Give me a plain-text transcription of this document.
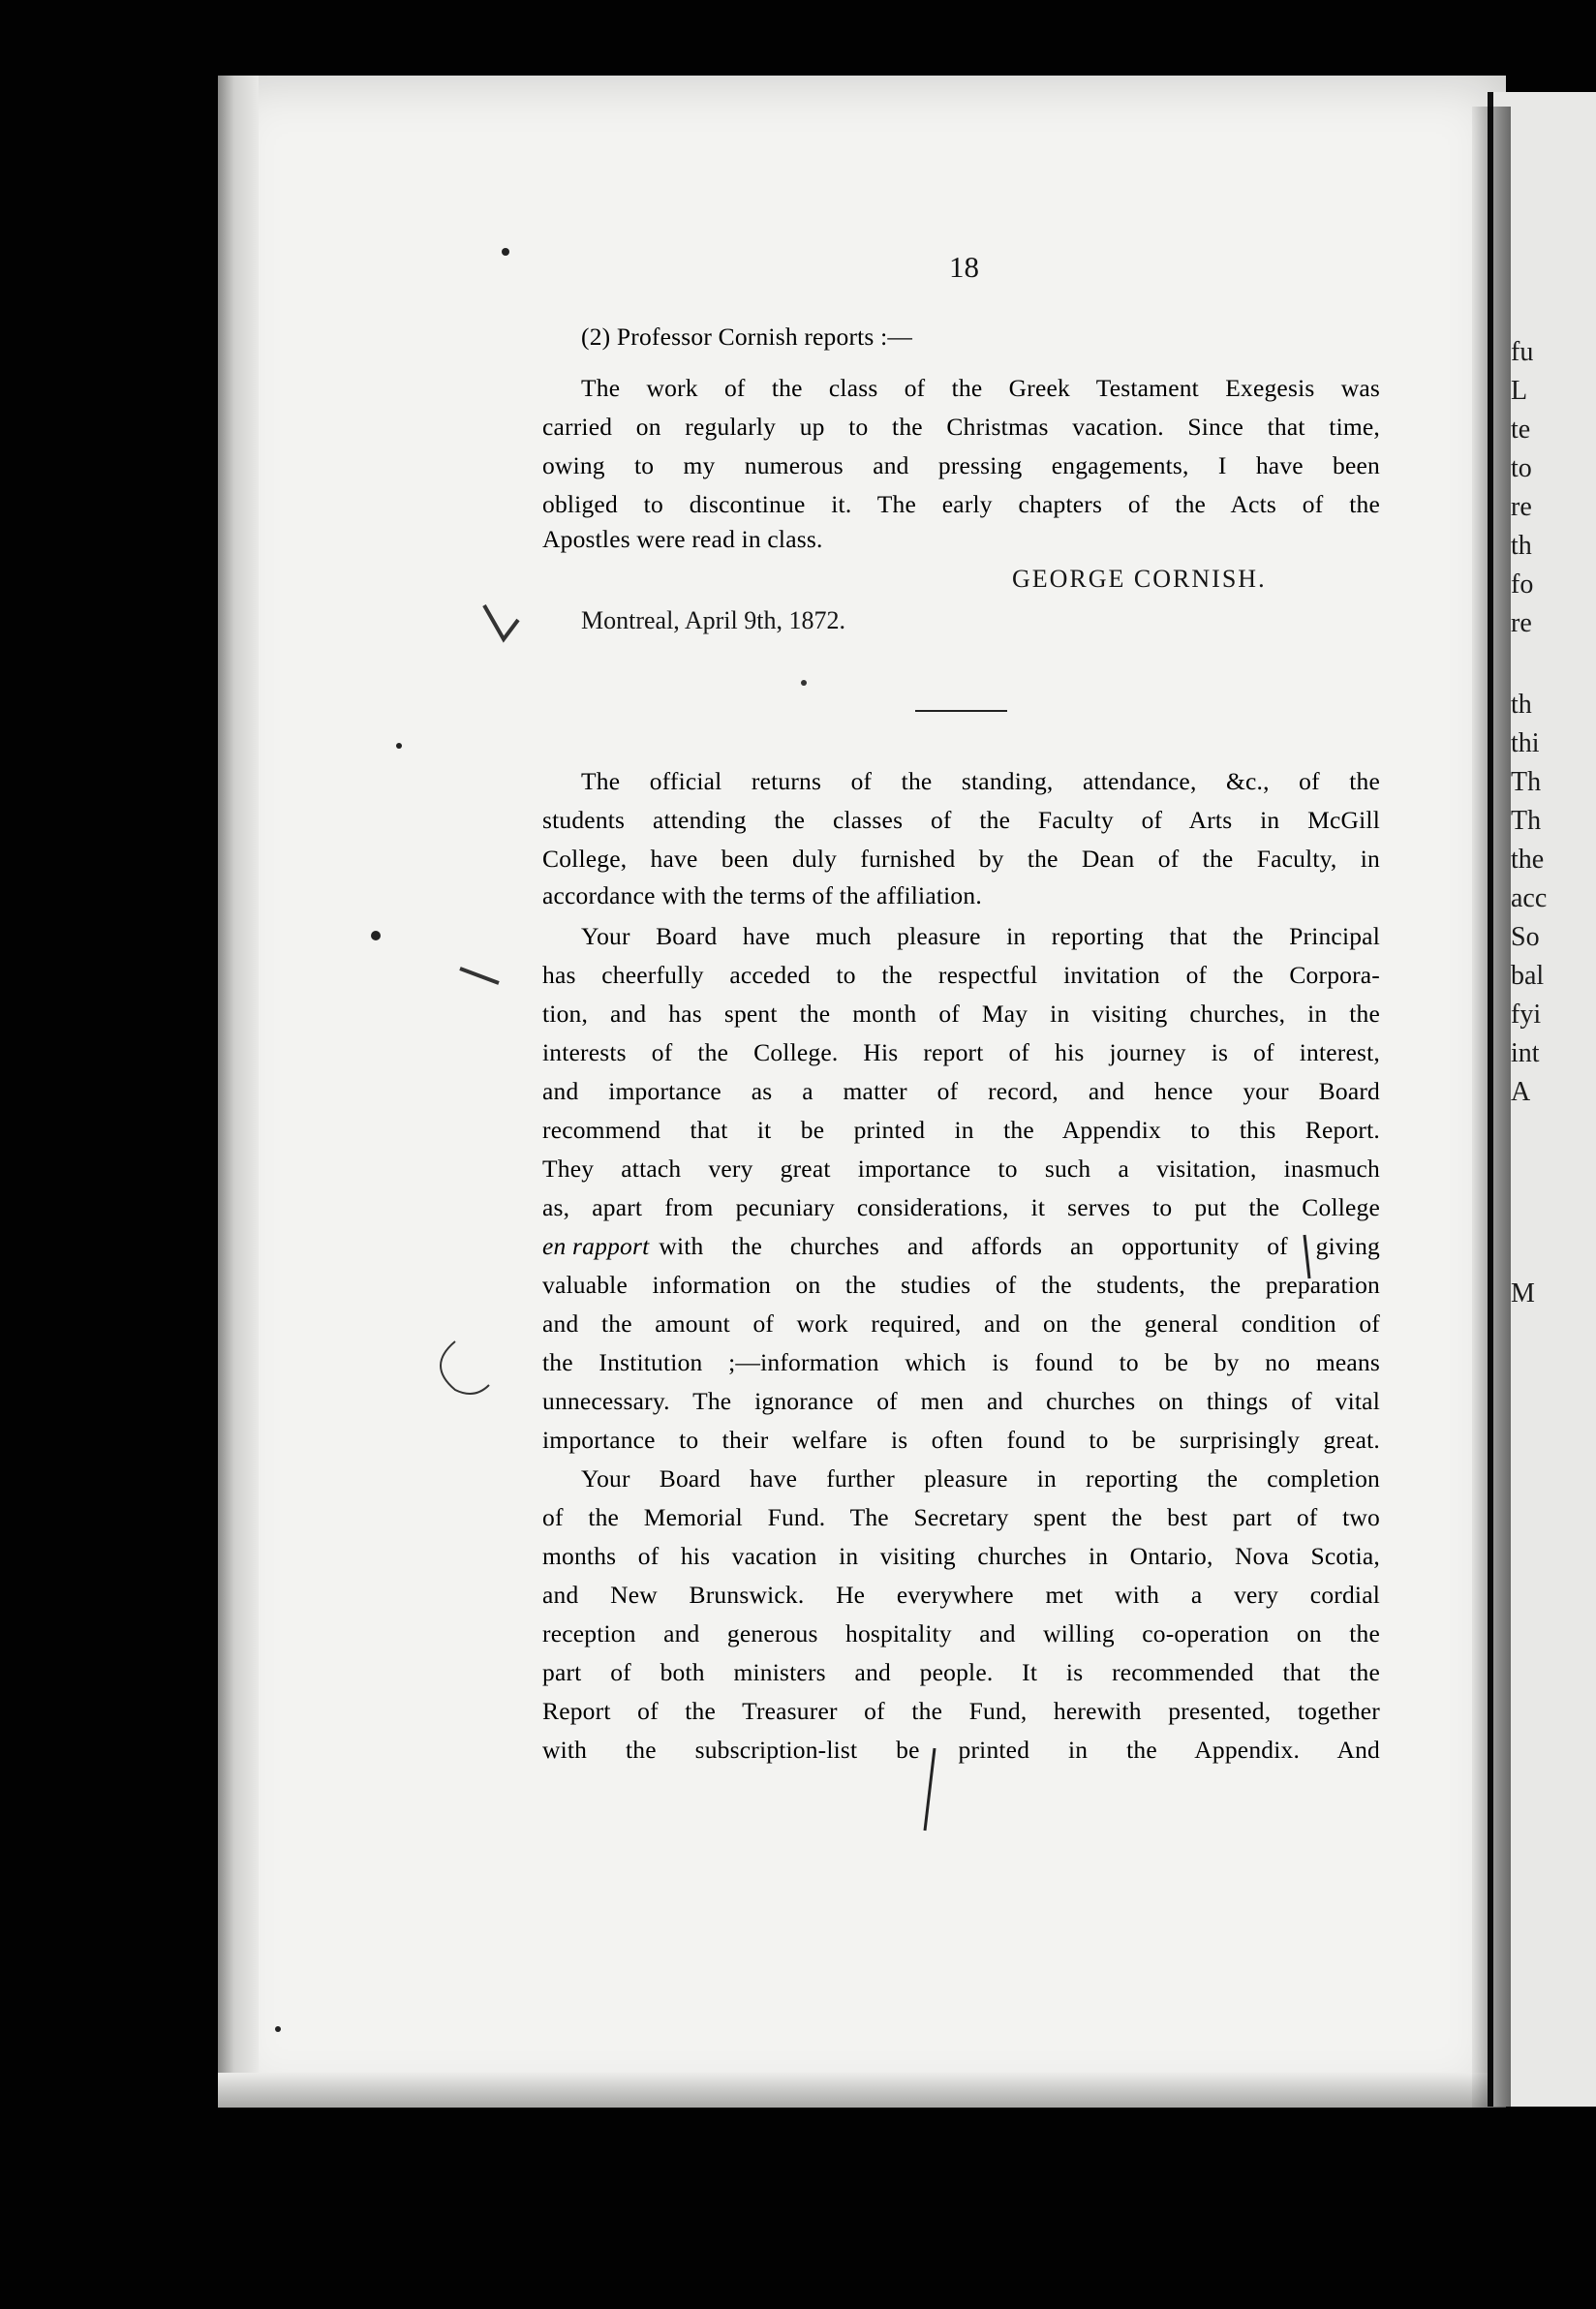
fu
L
te
to
re
th
fo
re
th
thi
Th
Th
the
acc
So
bal
fyi
int
A
M
18
(2) Professor Cornish reports :—
The work of the class of the Greek Testament Exegesis was
carried on regularly up to the Christmas vacation. Since that time,
owing to my numerous and pressing engagements, I have been
obliged to discontinue it. The early chapters of the Acts of the
Apostles were read in class.
GEORGE CORNISH.
Montreal, April 9th, 1872.
The official returns of the standing, attendance, &c., of the
students attending the classes of the Faculty of Arts in McGill
College, have been duly furnished by the Dean of the Faculty, in
accordance with the terms of the affiliation.
Your Board have much pleasure in reporting that the Principal
has cheerfully acceded to the respectful invitation of the Corpora-
tion, and has spent the month of May in visiting churches, in the
interests of the College. His report of his journey is of interest,
and importance as a matter of record, and hence your Board
recommend that it be printed in the Appendix to this Report.
They attach very great importance to such a visitation, inasmuch
as, apart from pecuniary considerations, it serves to put the College
en rapport with the churches and affords an opportunity of giving
valuable information on the studies of the students, the preparation
and the amount of work required, and on the general condition of
the Institution ;—information which is found to be by no means
unnecessary. The ignorance of men and churches on things of vital
importance to their welfare is often found to be surprisingly great.
Your Board have further pleasure in reporting the completion
of the Memorial Fund. The Secretary spent the best part of two
months of his vacation in visiting churches in Ontario, Nova Scotia,
and New Brunswick. He everywhere met with a very cordial
reception and generous hospitality and willing co-operation on the
part of both ministers and people. It is recommended that the
Report of the Treasurer of the Fund, herewith presented, together
with the subscription-list be printed in the Appendix. And
